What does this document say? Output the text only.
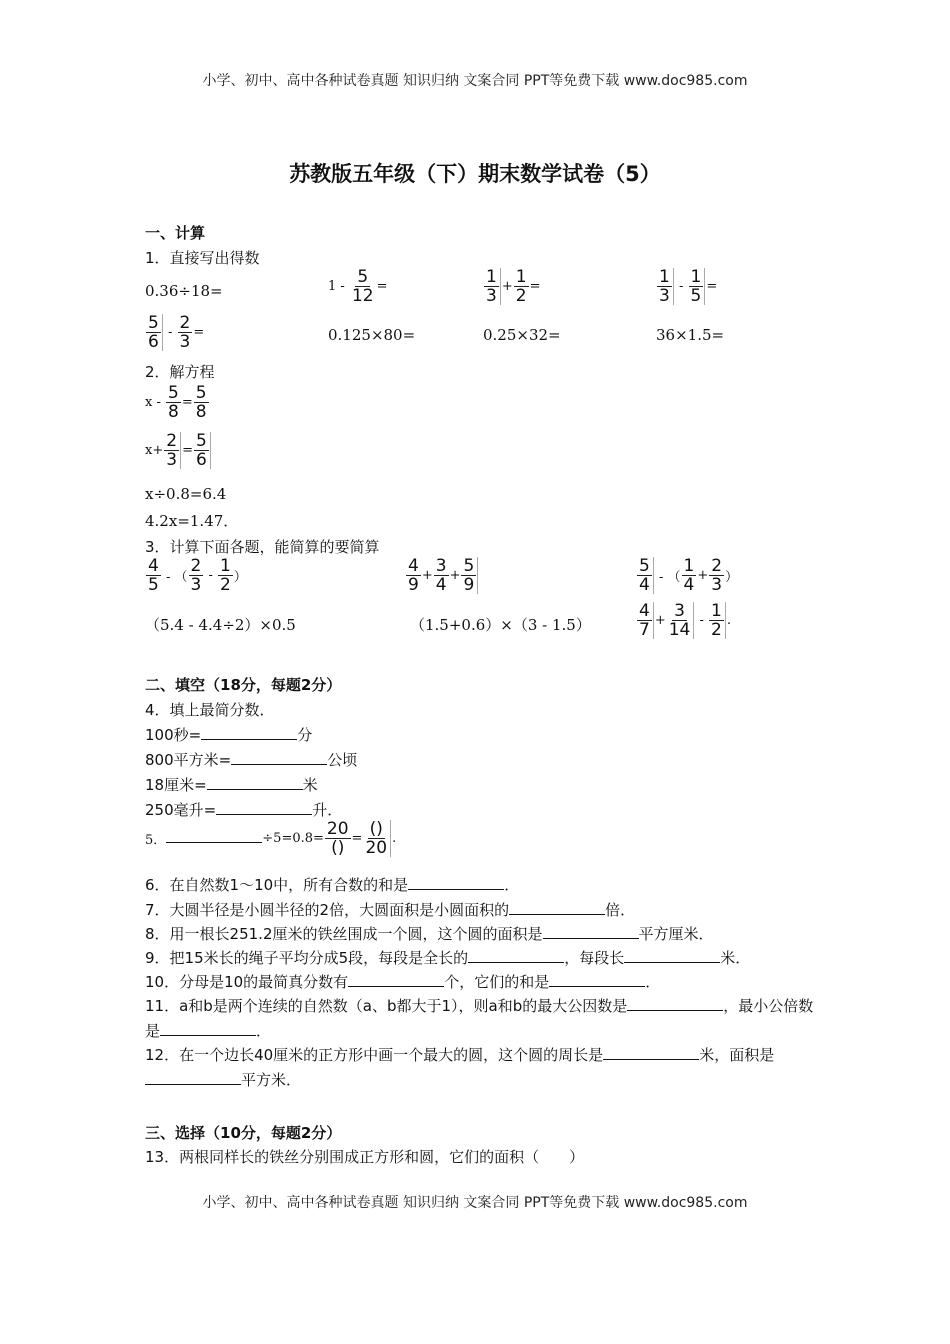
小学、初中、高中各种试卷真题 知识归纳 文案合同 PPT等免费下载 www.doc985.com
苏教版五年级（下）期末数学试卷（5）
一、计算
1．直接写出得数
0.36÷18=	$1 - \frac{5}{12}$ =	$\frac{1}{3} + \frac{1}{2}$ =	$\frac{1}{3} - \frac{1}{5}$ =
$\frac{5}{6} - \frac{2}{3}$ =	0.125×80=	0.25×32=	36×1.5=
2．解方程
$x - \frac{5}{8} = \frac{5}{8}$
$x+ \frac{2}{3} = \frac{5}{6}$
x÷0.8=6.4
4.2x=1.47．
3．计算下面各题，能简算的要简算
$\frac{4}{5}$ - （ $\frac{2}{3} - \frac{1}{2}$ ）	$\frac{4}{9} + \frac{3}{4} + \frac{5}{9}$	$\frac{5}{4}$ - （ $\frac{1}{4} + \frac{2}{3}$ ）
（5.4 - 4.4÷2）×0.5	（1.5+0.6）×（3 - 1.5）	$\frac{4}{7} + \frac{3}{14} - \frac{1}{2}$ .
二、填空（18分，每题2分）
4．填上最简分数．
100秒=	分
800平方米=	公顷
18厘米=	米
250毫升=	升．
5．	$\div 5=0.8= \frac{20}{()} = \frac{()}{20}$ .
6．在自然数1～10中，所有合数的和是	．
7．大圆半径是小圆半径的2倍，大圆面积是小圆面积的	倍．
8．用一根长251.2厘米的铁丝围成一个圆，这个圆的面积是	平方厘米．
9．把15米长的绳子平均分成5段，每段是全长的	，每段长	米．
10．分母是10的最简真分数有	个，它们的和是	．
11．a和b是两个连续的自然数（a、b都大于1），则a和b的最大公因数是	，最小公倍数是	．
12．在一个边长40厘米的正方形中画一个最大的圆，这个圆的周长是	米，面积是平方米．
三、选择（10分，每题2分）
13．两根同样长的铁丝分别围成正方形和圆，它们的面积（　　）
小学、初中、高中各种试卷真题 知识归纳 文案合同 PPT等免费下载 www.doc985.com
